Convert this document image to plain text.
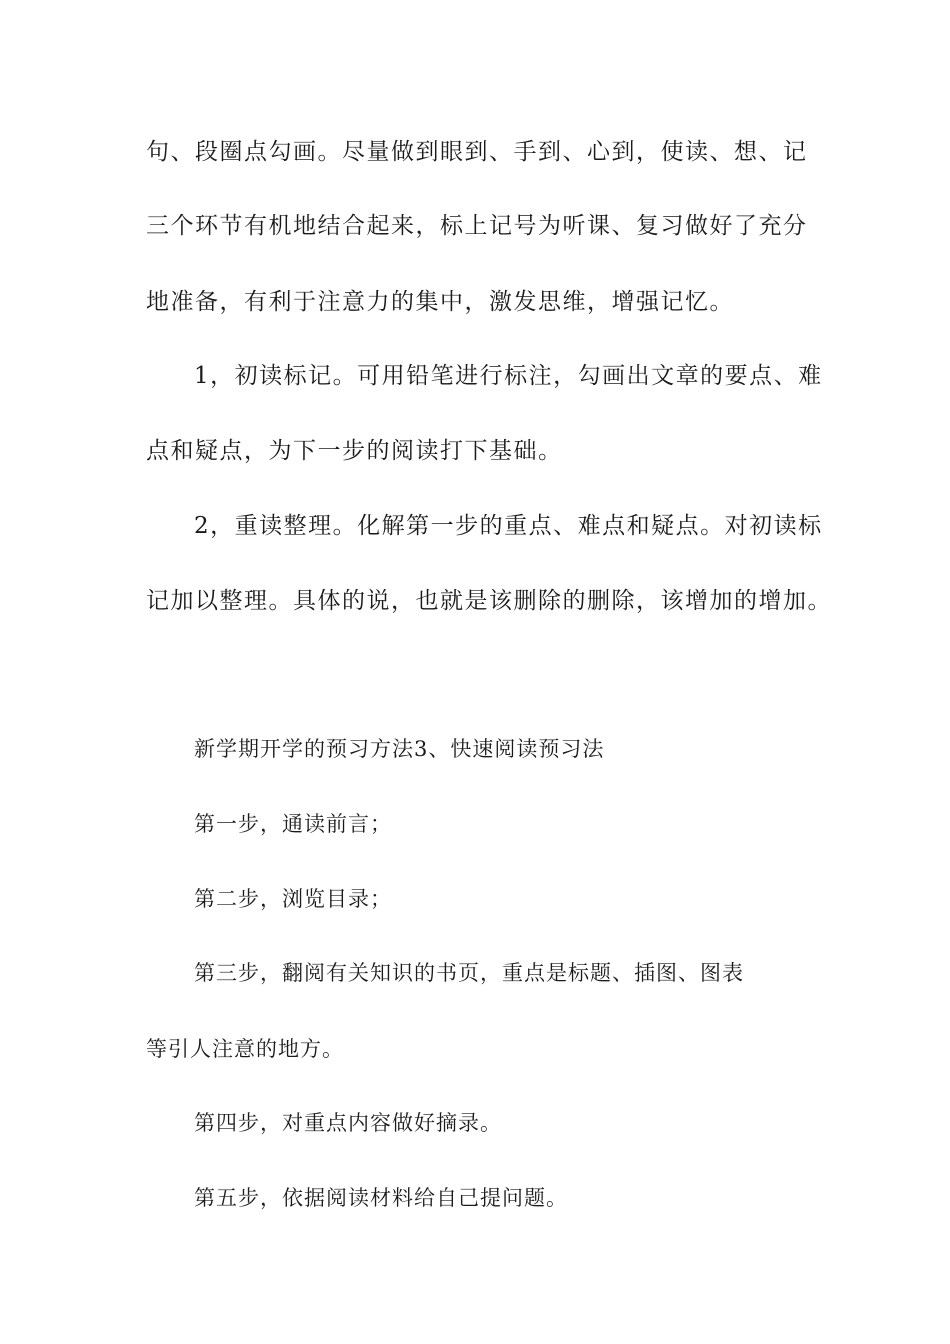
句、段圈点勾画。尽量做到眼到、手到、心到，使读、想、记
三个环节有机地结合起来，标上记号为听课、复习做好了充分
地准备，有利于注意力的集中，激发思维，增强记忆。
1，初读标记。可用铅笔进行标注，勾画出文章的要点、难
点和疑点，为下一步的阅读打下基础。
2，重读整理。化解第一步的重点、难点和疑点。对初读标
记加以整理。具体的说，也就是该删除的删除，该增加的增加。
新学期开学的预习方法3、快速阅读预习法
第一步，通读前言；
第二步，浏览目录；
第三步，翻阅有关知识的书页，重点是标题、插图、图表
等引人注意的地方。
第四步，对重点内容做好摘录。
第五步，依据阅读材料给自己提问题。
